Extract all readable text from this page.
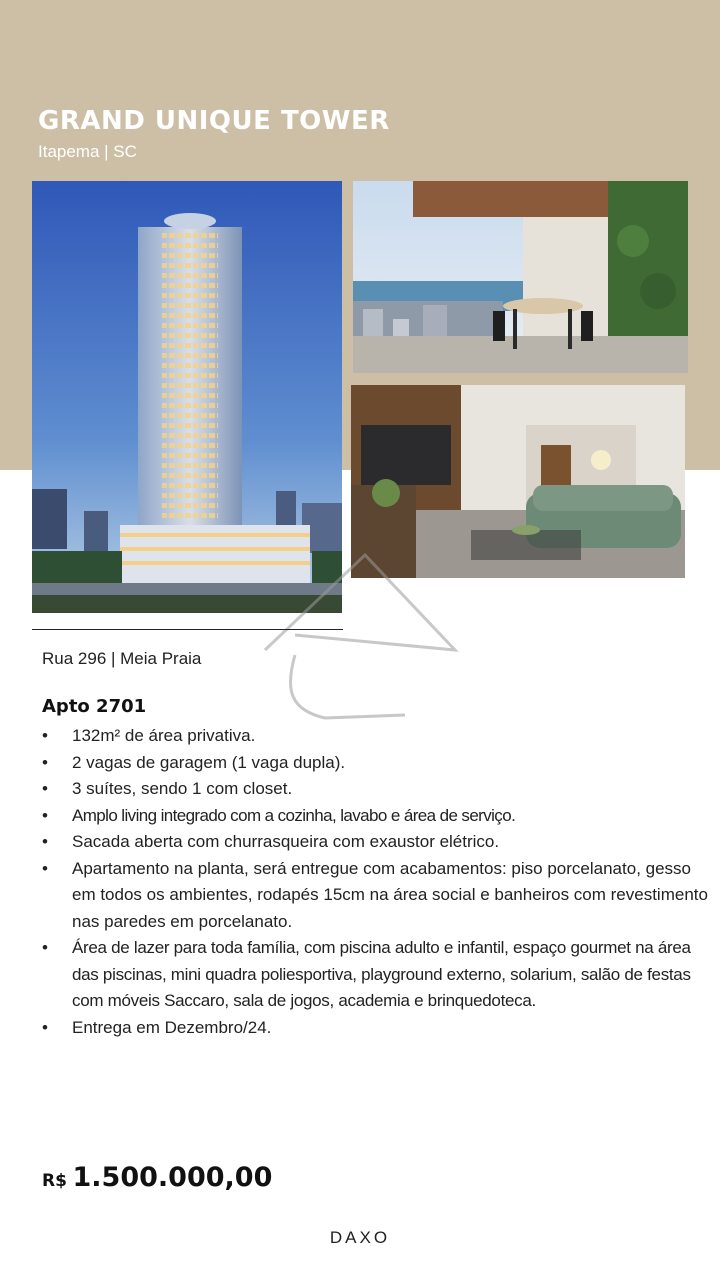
GRAND UNIQUE TOWER
Itapema | SC
Rua 296 | Meia Praia
Apto 2701
• 132m² de área privativa.
• 2 vagas de garagem (1 vaga dupla).
• 3 suítes, sendo 1 com closet.
• Amplo living integrado com a cozinha, lavabo e área de serviço.
• Sacada aberta com churrasqueira com exaustor elétrico.
• Apartamento na planta, será entregue com acabamentos: piso porcelanato, gesso em todos os ambientes, rodapés 15cm na área social e banheiros com revestimento nas paredes em porcelanato.
• Área de lazer para toda família, com piscina adulto e infantil, espaço gourmet na área das piscinas, mini quadra poliesportiva, playground externo, solarium, salão de festas com móveis Saccaro, sala de jogos, academia e brinquedoteca.
• Entrega em Dezembro/24.
R$ 1.500.000,00
DAXO
